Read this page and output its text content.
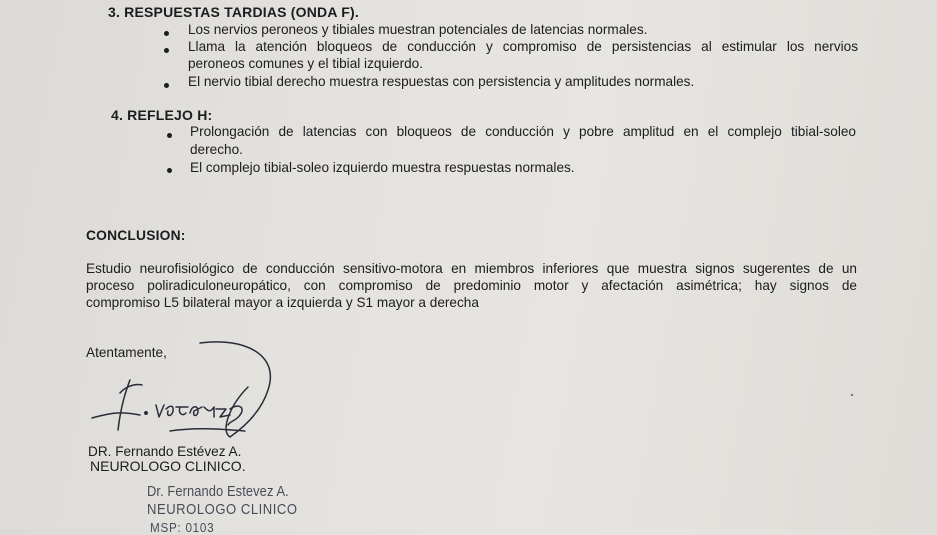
3. RESPUESTAS TARDIAS (ONDA F).
Los nervios peroneos y tibiales muestran potenciales de latencias normales.
Llama la atención bloqueos de conducción y compromiso de persistencias al estimular los nervios
peroneos comunes y el tibial izquierdo.
El nervio tibial derecho muestra respuestas con persistencia y amplitudes normales.
4. REFLEJO H:
Prolongación de latencias con bloqueos de conducción y pobre amplitud en el complejo tibial-soleo
derecho.
El complejo tibial-soleo izquierdo muestra respuestas normales.
CONCLUSION:
Estudio neurofisiológico de conducción sensitivo-motora en miembros inferiores que muestra signos sugerentes de un
proceso poliradiculoneuropático, con compromiso de predominio motor y afectación asimétrica; hay signos de
compromiso L5 bilateral mayor a izquierda y S1 mayor a derecha
Atentamente,
DR. Fernando Estévez A.
NEUROLOGO CLINICO.
Dr. Fernando Estevez A.
NEUROLOGO CLINICO
MSP: 0103
